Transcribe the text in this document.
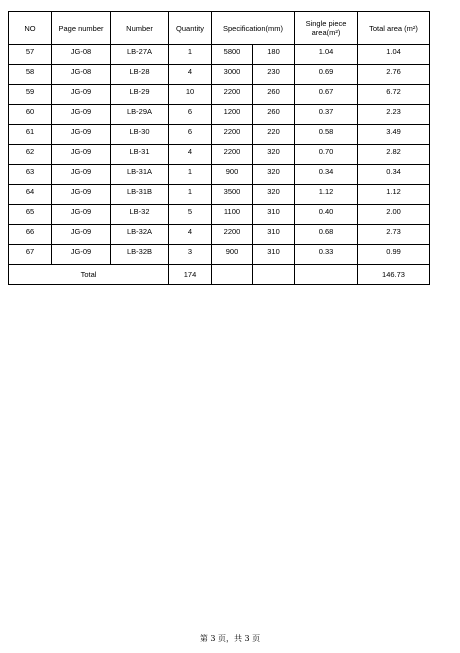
NO	Page number	Number	Quantity	Specification(mm)		Single piece area(m²)	Total area (m²)
57	JG-08	LB-27A	1	5800	180	1.04	1.04
58	JG-08	LB-28	4	3000	230	0.69	2.76
59	JG-09	LB-29	10	2200	260	0.67	6.72
60	JG-09	LB-29A	6	1200	260	0.37	2.23
61	JG-09	LB-30	6	2200	220	0.58	3.49
62	JG-09	LB-31	4	2200	320	0.70	2.82
63	JG-09	LB-31A	1	900	320	0.34	0.34
64	JG-09	LB-31B	1	3500	320	1.12	1.12
65	JG-09	LB-32	5	1100	310	0.40	2.00
66	JG-09	LB-32A	4	2200	310	0.68	2.73
67	JG-09	LB-32B	3	900	310	0.33	0.99
Total			174				146.73
第 3 页，共 3 页
